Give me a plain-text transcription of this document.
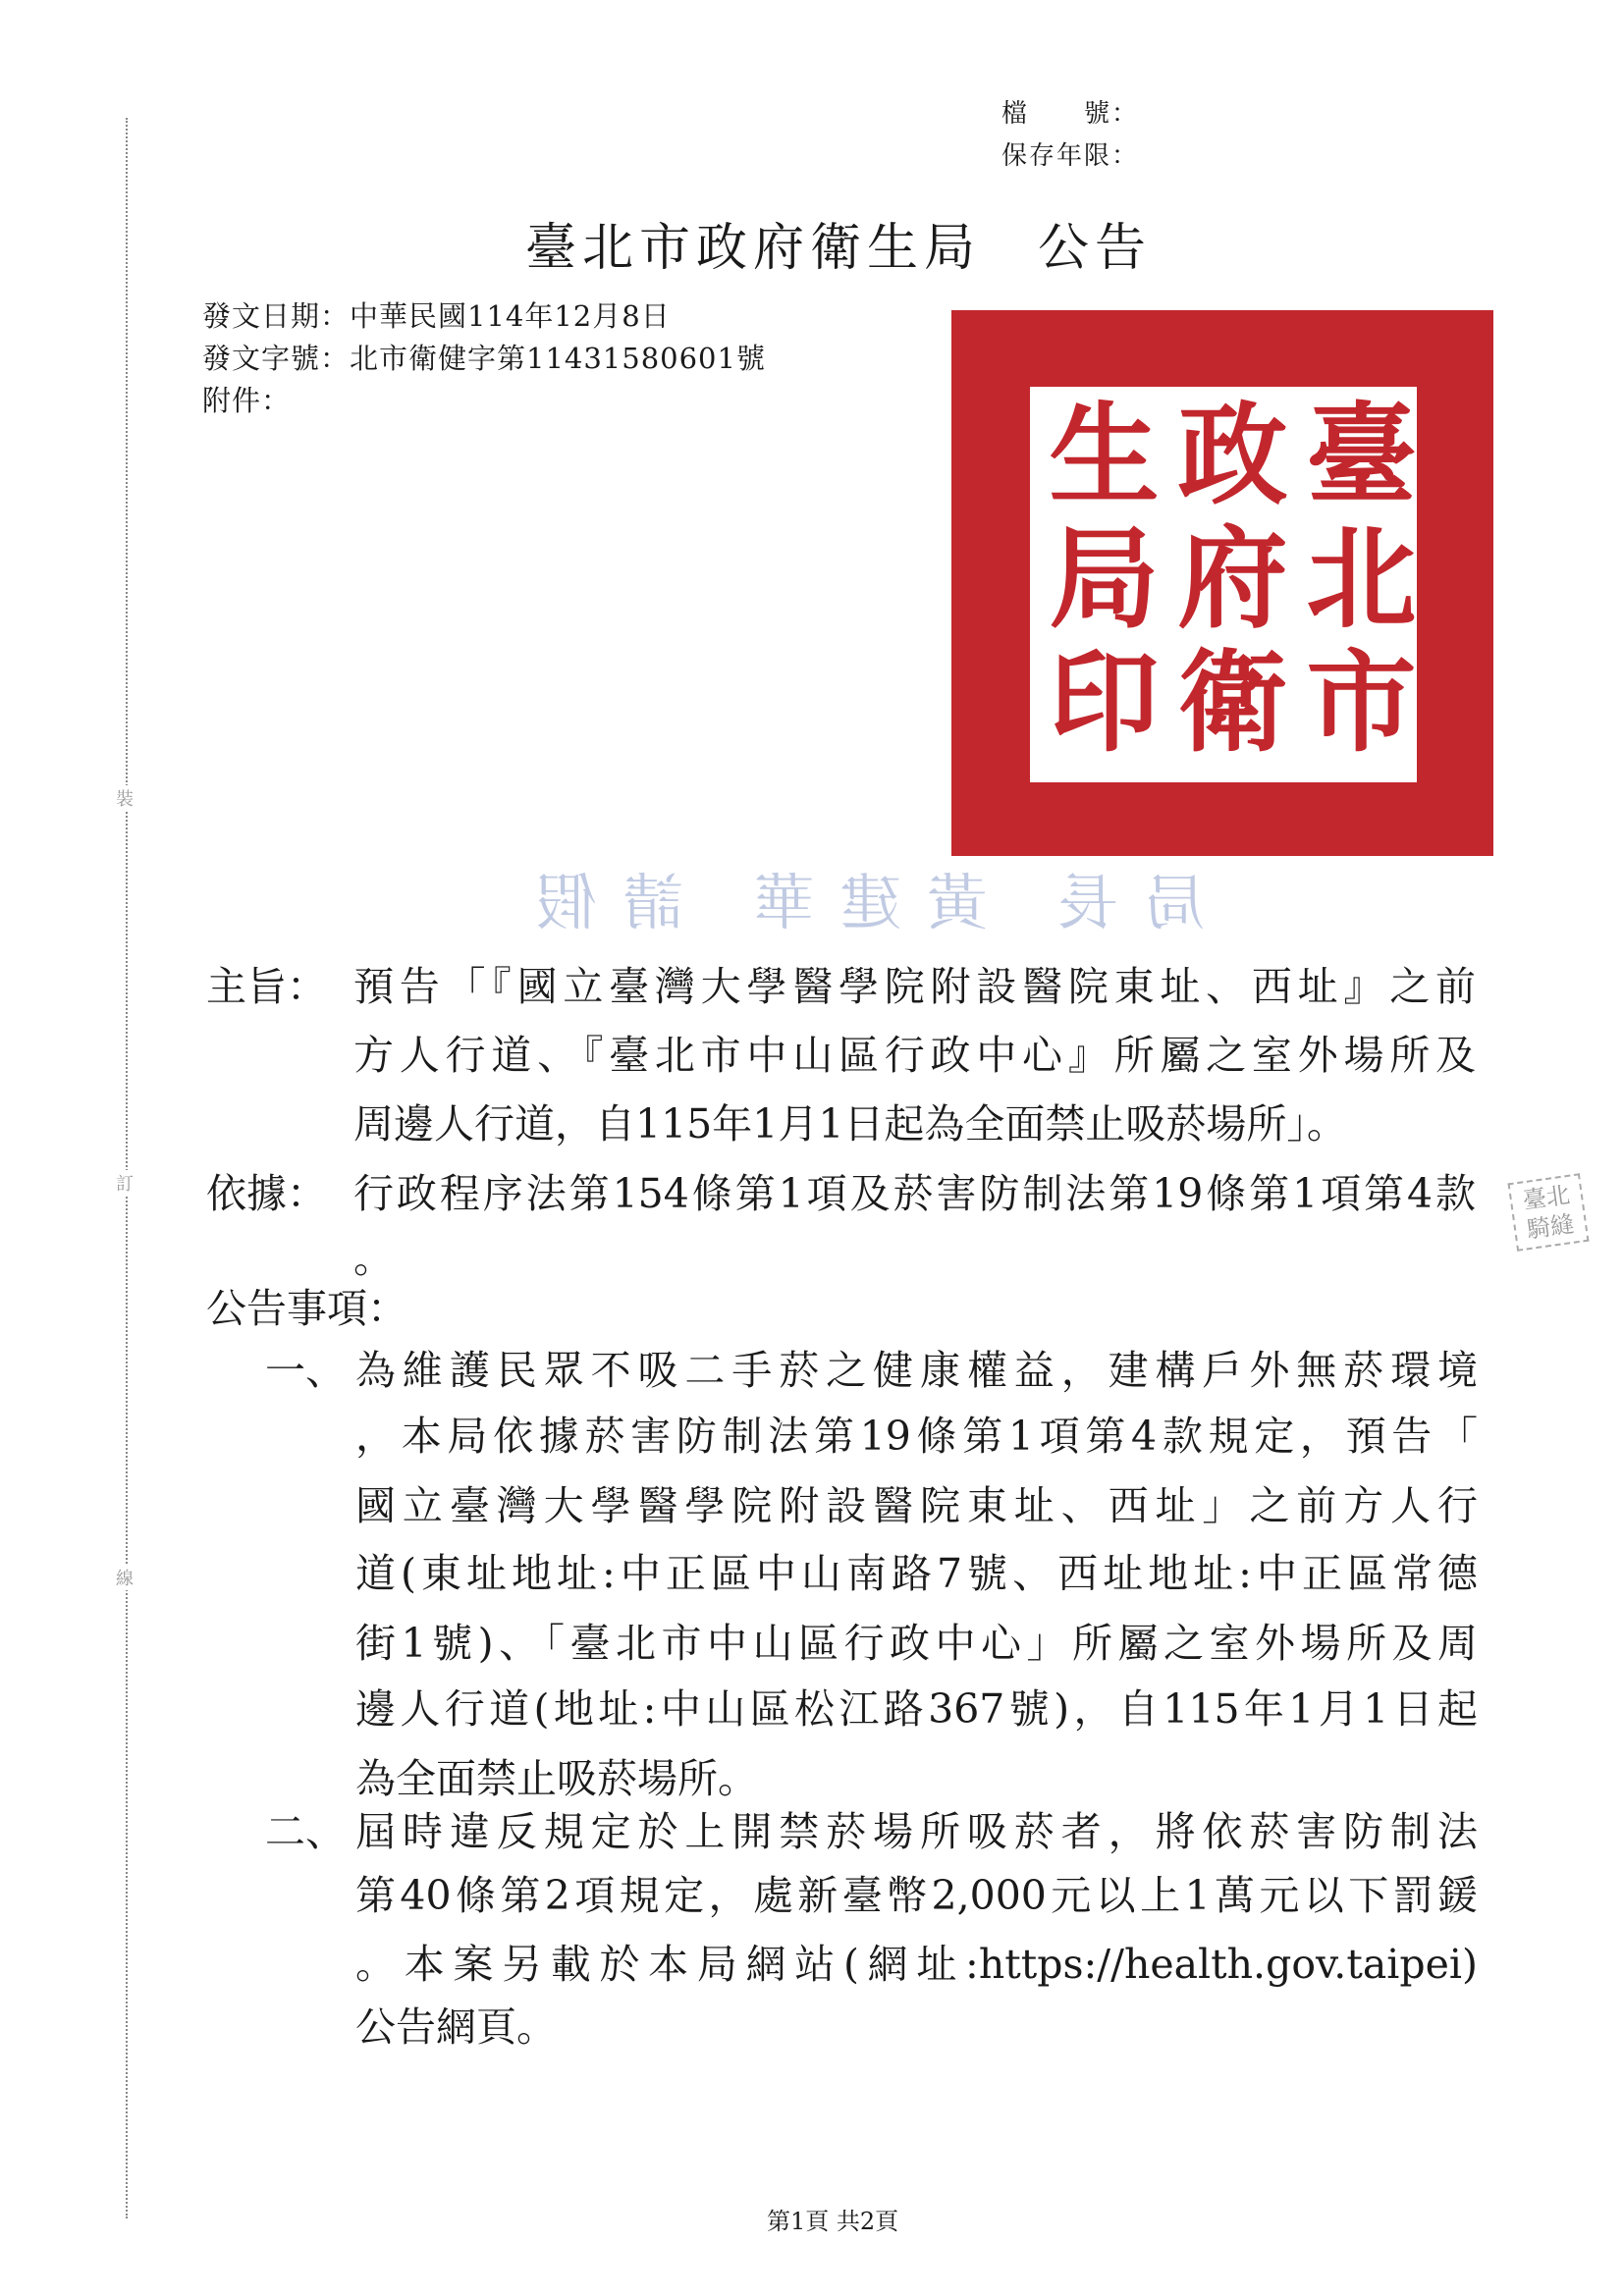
裝
訂
線
檔　　號：
保存年限：
臺北市政府衛生局　公告
發文日期：中華民國114年12月8日
發文字號：北市衛健字第11431580601號
附件：	臺北市
政府衛
生局印
局長 黃建華 請假
臺北騎縫
主旨： 預告「『國立臺灣大學醫學院附設醫院東址、西址』之前
方人行道、『臺北市中山區行政中心』所屬之室外場所及
周邊人行道，自115年1月1日起為全面禁止吸菸場所」。
依據： 行政程序法第154條第1項及菸害防制法第19條第1項第4款
。
公告事項：
一、 為維護民眾不吸二手菸之健康權益，建構戶外無菸環境
，本局依據菸害防制法第19條第1項第4款規定，預告「
國立臺灣大學醫學院附設醫院東址、西址」之前方人行
道(東址地址:中正區中山南路7號、西址地址:中正區常德
街1號)、「臺北市中山區行政中心」所屬之室外場所及周
邊人行道(地址:中山區松江路367號)，自115年1月1日起
為全面禁止吸菸場所。
二、 屆時違反規定於上開禁菸場所吸菸者，將依菸害防制法
第40條第2項規定，處新臺幣2,000元以上1萬元以下罰鍰
。本案另載於本局網站(網址:https://health.gov.taipei)
公告網頁。
第1頁 共2頁
